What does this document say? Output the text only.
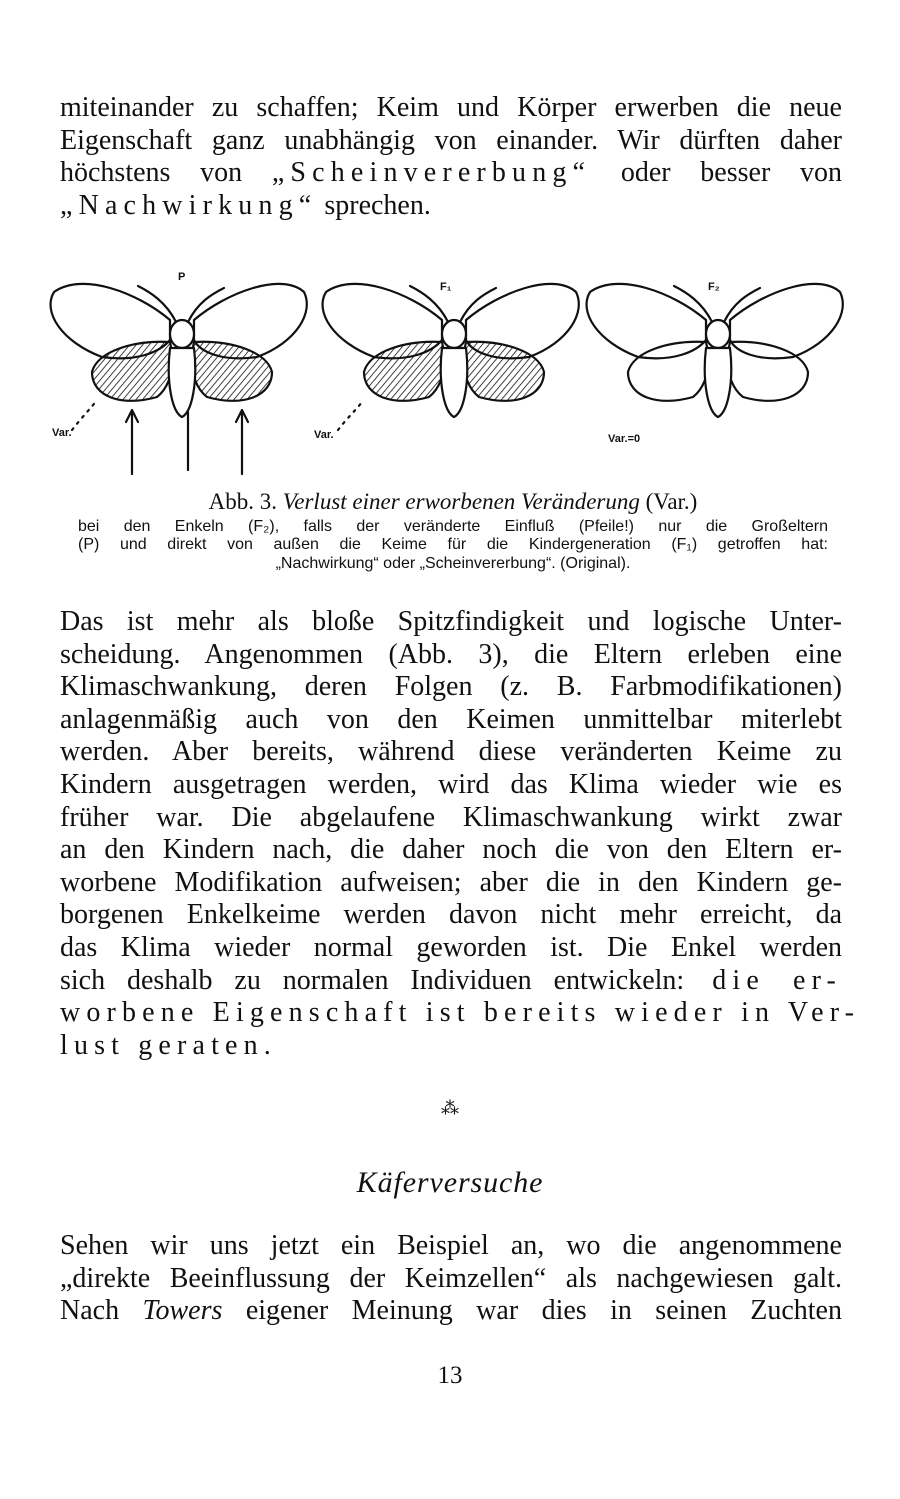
miteinander zu schaffen; Keim und Körper erwerben die neue
Eigenschaft ganz unabhängig von einander. Wir dürften daher
höchstens von „Scheinvererbung“ oder besser von
„Nachwirkung“ sprechen.
P
F₁	F₂
Var.	Var.	Var.=0
Abb. 3. Verlust einer erworbenen Veränderung (Var.)
bei den Enkeln (F₂), falls der veränderte Einfluß (Pfeile!) nur die Großeltern
(P) und direkt von außen die Keime für die Kindergeneration (F₁) getroffen hat:
„Nachwirkung“ oder „Scheinvererbung“. (Original).
Das ist mehr als bloße Spitzfindigkeit und logische Unter-
scheidung. Angenommen (Abb. 3), die Eltern erleben eine
Klimaschwankung, deren Folgen (z. B. Farbmodifikationen)
anlagenmäßig auch von den Keimen unmittelbar miterlebt
werden. Aber bereits, während diese veränderten Keime zu
Kindern ausgetragen werden, wird das Klima wieder wie es
früher war. Die abgelaufene Klimaschwankung wirkt zwar
an den Kindern nach, die daher noch die von den Eltern er-
worbene Modifikation aufweisen; aber die in den Kindern ge-
borgenen Enkelkeime werden davon nicht mehr erreicht, da
das Klima wieder normal geworden ist. Die Enkel werden
sich deshalb zu normalen Individuen entwickeln: die er-
worbene Eigenschaft ist bereits wieder in Ver-
lust geraten.
⁂
Käferversuche
Sehen wir uns jetzt ein Beispiel an, wo die angenommene
„direkte Beeinflussung der Keimzellen“ als nachgewiesen galt.
Nach Towers eigener Meinung war dies in seinen Zuchten
13
